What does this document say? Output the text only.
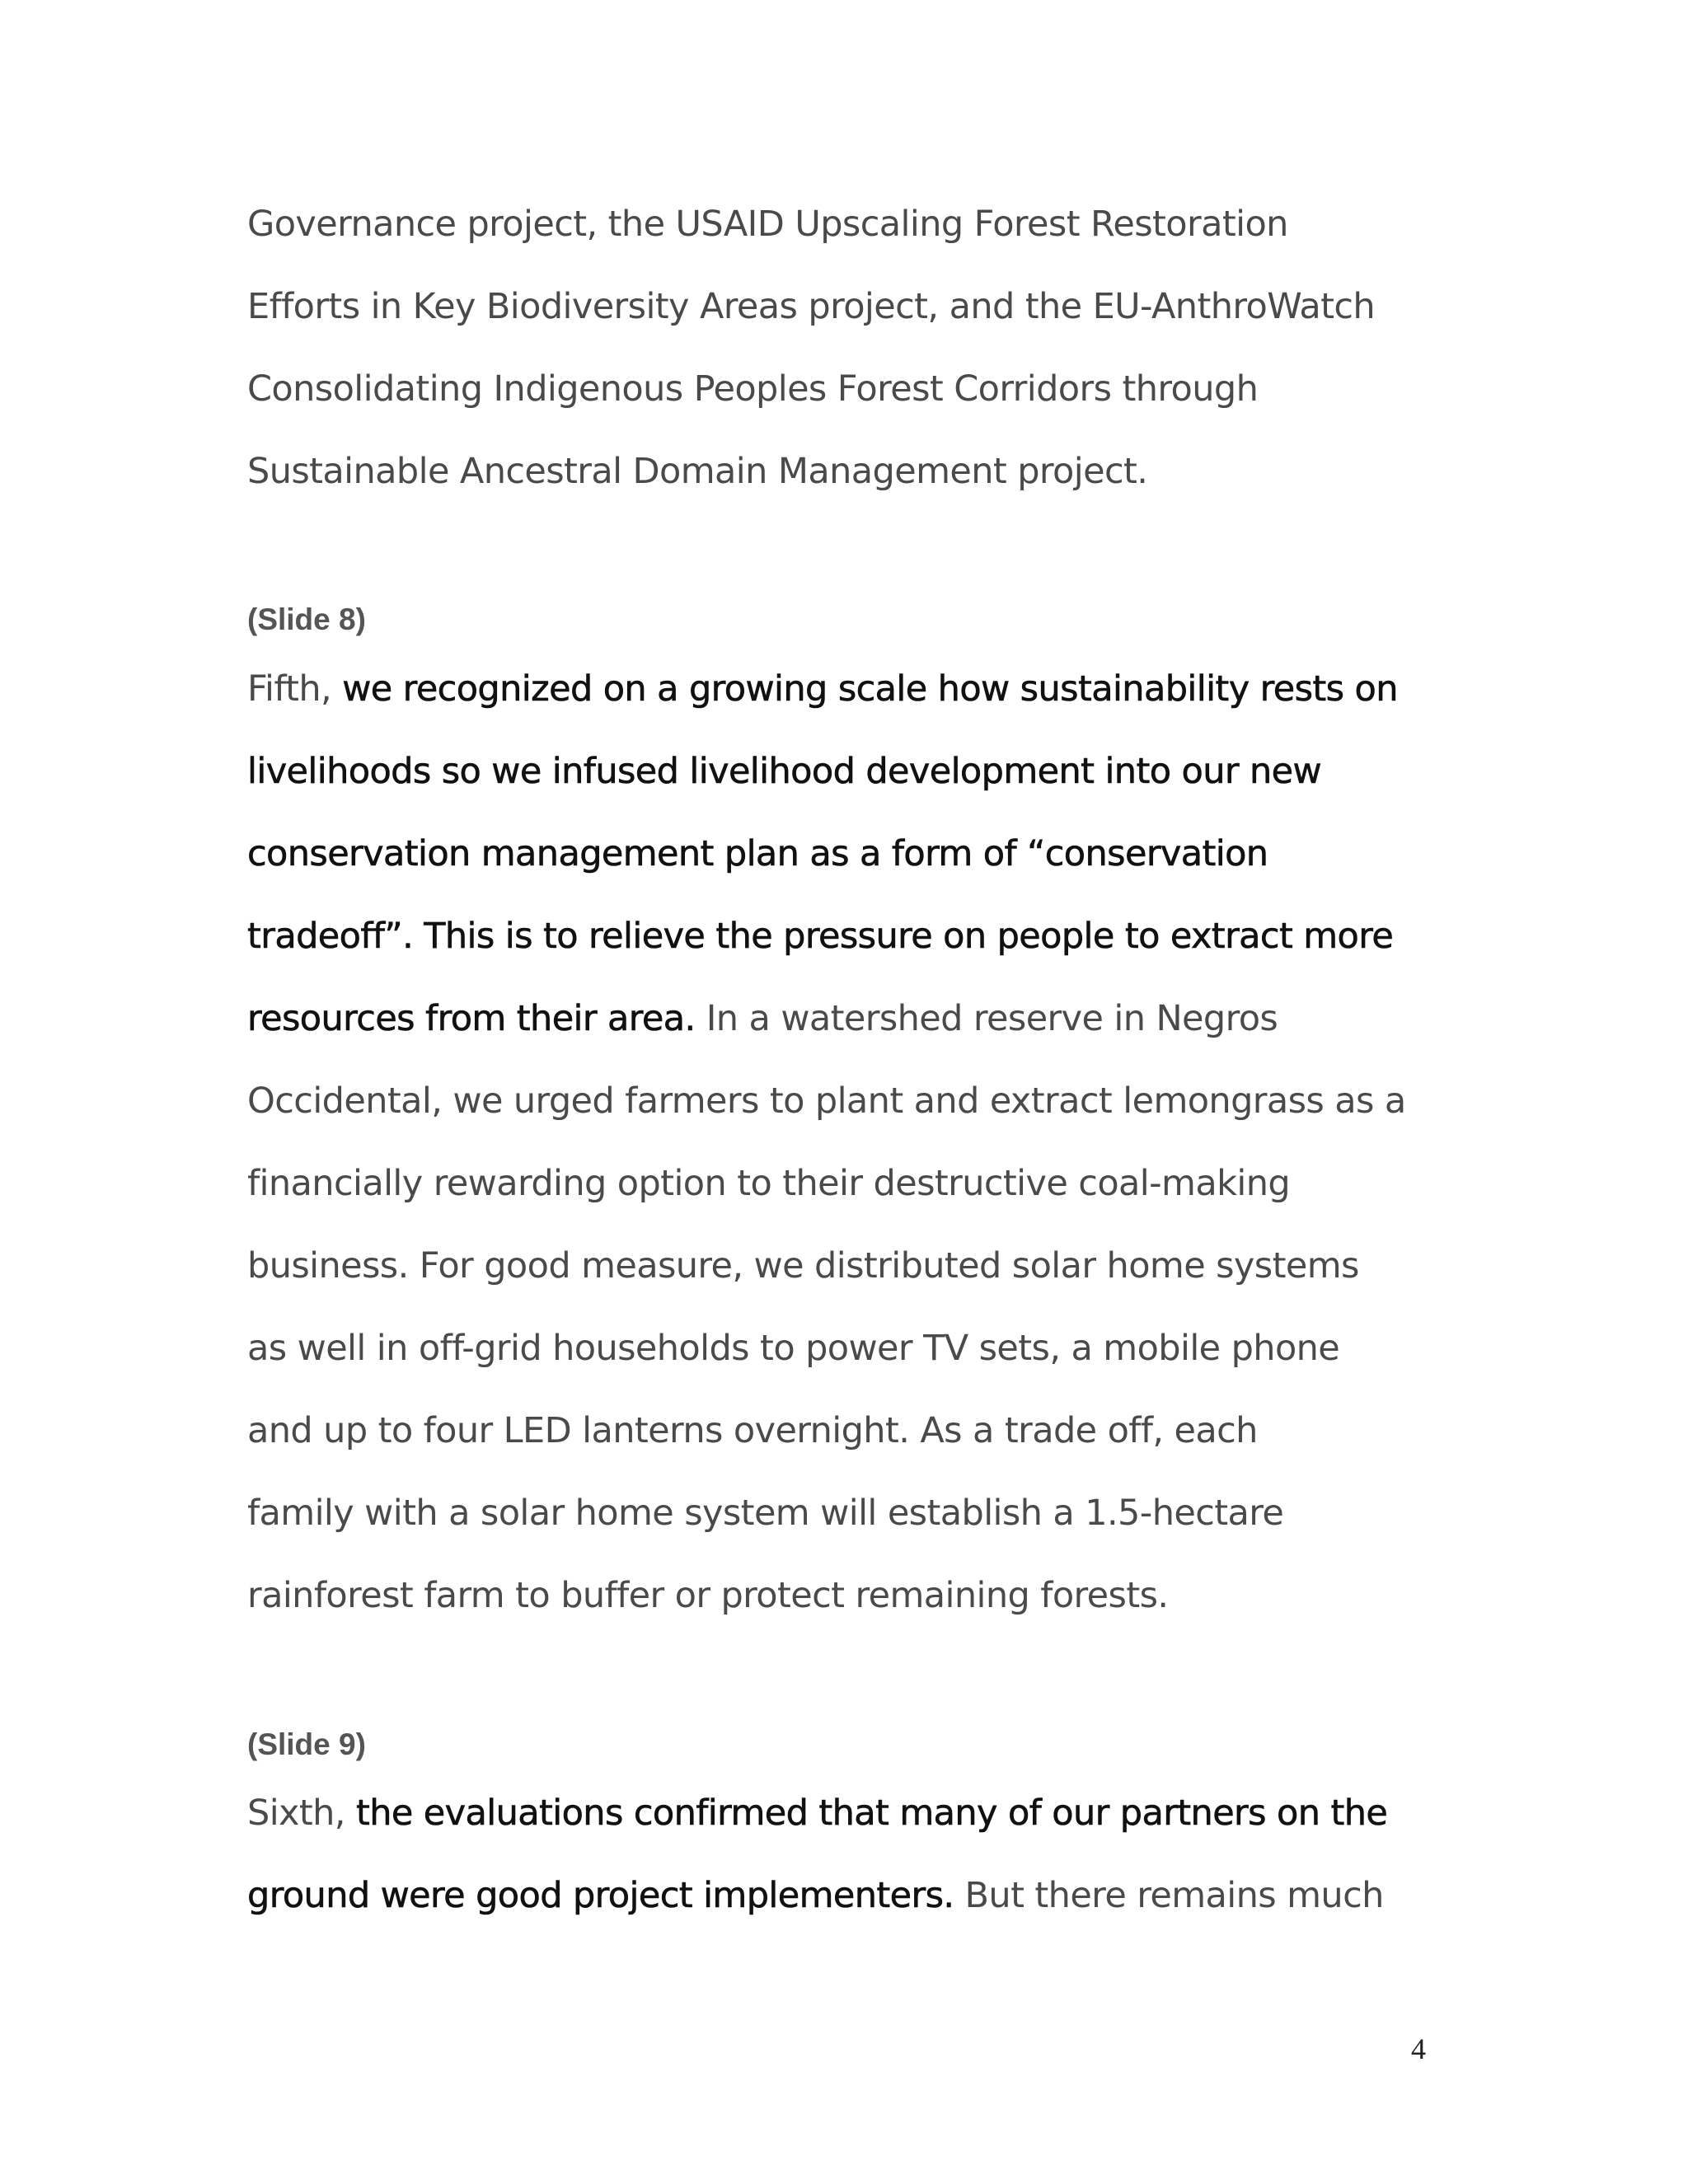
Governance project, the USAID Upscaling Forest Restoration
Efforts in Key Biodiversity Areas project, and the EU-AnthroWatch
Consolidating Indigenous Peoples Forest Corridors through
Sustainable Ancestral Domain Management project.
(Slide 8)
Fifth, we recognized on a growing scale how sustainability rests on
livelihoods so we infused livelihood development into our new
conservation management plan as a form of “conservation
tradeoff”. This is to relieve the pressure on people to extract more
resources from their area. In a watershed reserve in Negros
Occidental, we urged farmers to plant and extract lemongrass as a
financially rewarding option to their destructive coal-making
business. For good measure, we distributed solar home systems
as well in off-grid households to power TV sets, a mobile phone
and up to four LED lanterns overnight. As a trade off, each
family with a solar home system will establish a 1.5-hectare
rainforest farm to buffer or protect remaining forests.
(Slide 9)
Sixth, the evaluations confirmed that many of our partners on the
ground were good project implementers. But there remains much
4
